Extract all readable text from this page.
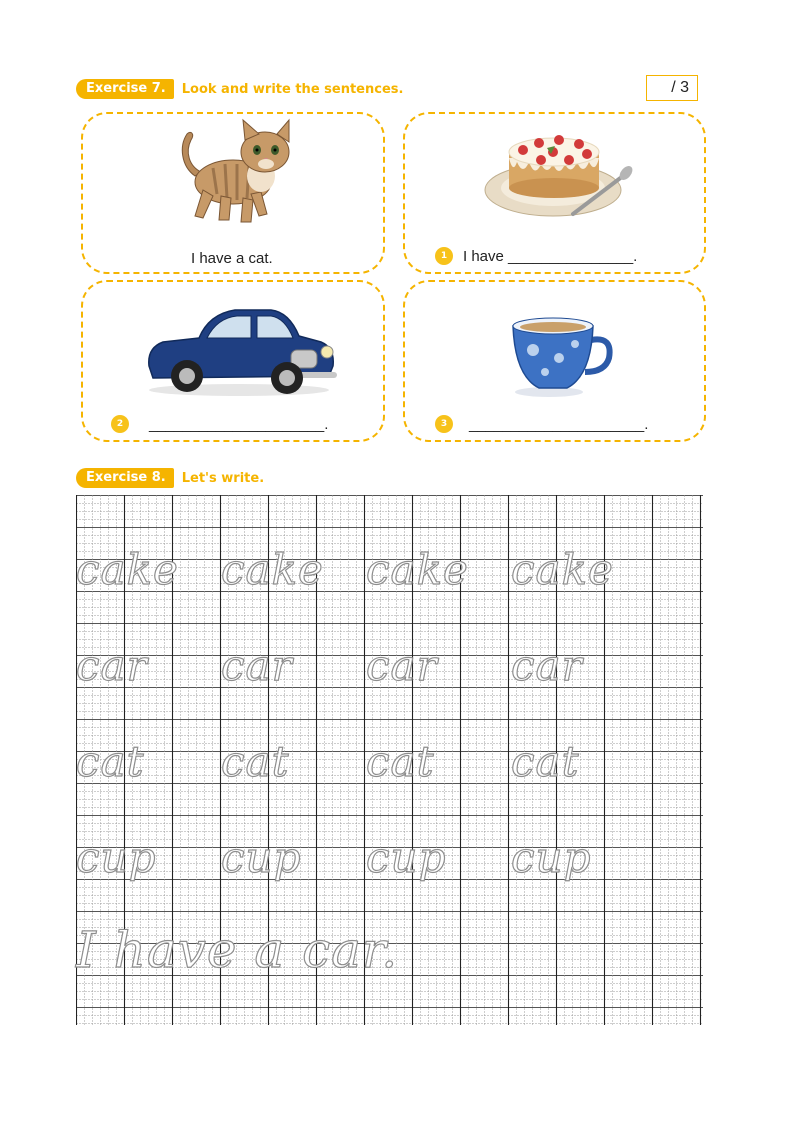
Exercise 7.	Look and write the sentences.	/ 3
I have a cat.	1	I have _______________.
2	_____________________.	3	_____________________.
Exercise 8.	Let's write.
cake cake cake cake
car car car car
cat cat cat cat
cup cup cup cup
I have a car.
